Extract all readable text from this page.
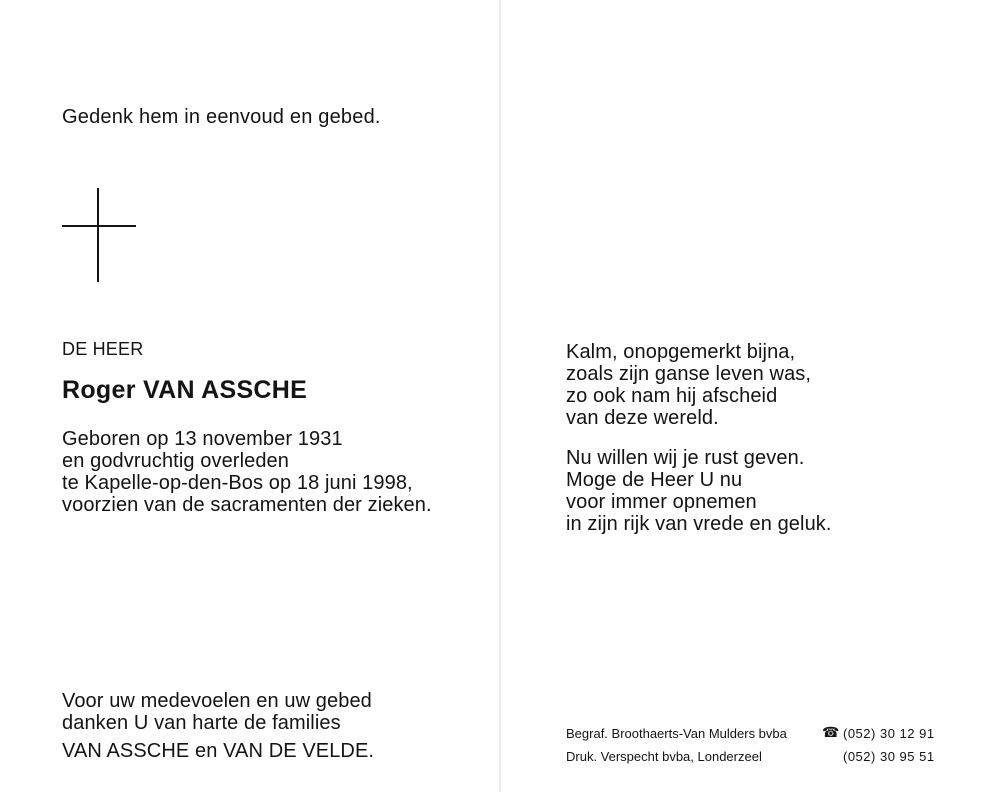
Gedenk hem in eenvoud en gebed.
DE HEER
Roger VAN ASSCHE
Geboren op 13 november 1931
en godvruchtig overleden
te Kapelle-op-den-Bos op 18 juni 1998,
voorzien van de sacramenten der zieken.
Voor uw medevoelen en uw gebed
danken U van harte de families
VAN ASSCHE en VAN DE VELDE.
Kalm, onopgemerkt bijna,
zoals zijn ganse leven was,
zo ook nam hij afscheid
van deze wereld.
Nu willen wij je rust geven.
Moge de Heer U nu
voor immer opnemen
in zijn rijk van vrede en geluk.
Begraf. Broothaerts-Van Mulders bvba
Druk. Verspecht bvba, Londerzeel
☎ (052) 30 12 91
(052) 30 95 51
